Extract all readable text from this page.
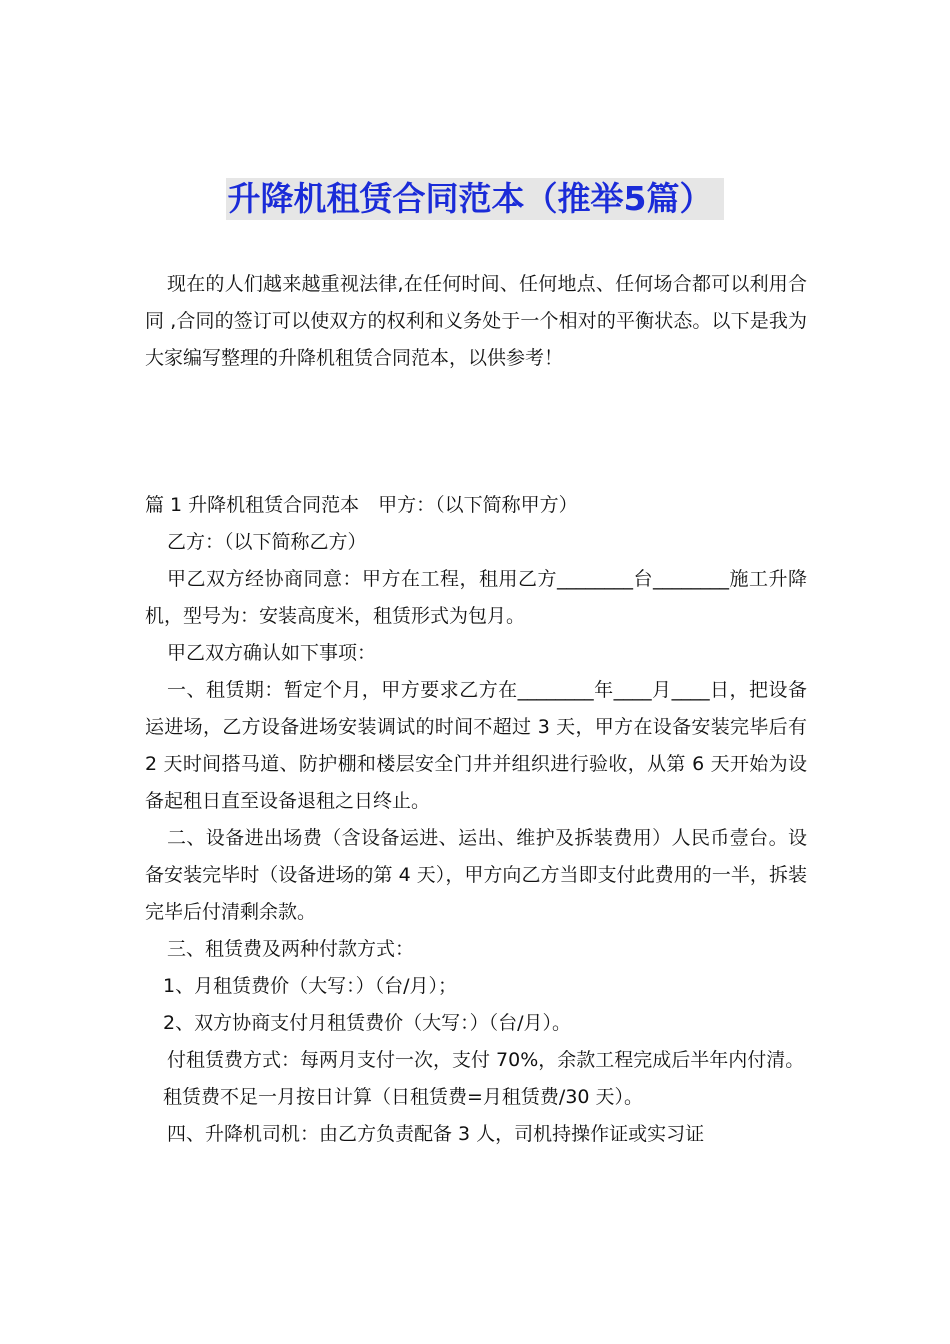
升降机租赁合同范本（推举5篇）

现在的人们越来越重视法律,在任何时间、任何地点、任何场合都可以利用合同 ,合同的签订可以使双方的权利和义务处于一个相对的平衡状态。以下是我为大家编写整理的升降机租赁合同范本，以供参考！

篇 1 升降机租赁合同范本　甲方：（以下简称甲方）

乙方：（以下简称乙方）

甲乙双方经协商同意：甲方在工程，租用乙方________台________施工升降机，型号为：安装高度米，租赁形式为包月。

甲乙双方确认如下事项：

一、租赁期：暂定个月，甲方要求乙方在________年____月____日，把设备运进场，乙方设备进场安装调试的时间不超过 3 天，甲方在设备安装完毕后有 2 天时间搭马道、防护棚和楼层安全门井并组织进行验收，从第 6 天开始为设备起租日直至设备退租之日终止。

二、设备进出场费（含设备运进、运出、维护及拆装费用）人民币壹台。设备安装完毕时（设备进场的第 4 天），甲方向乙方当即支付此费用的一半，拆装完毕后付清剩余款。

三、租赁费及两种付款方式：

1、月租赁费价（大写：）（台/月）；

2、双方协商支付月租赁费价（大写：）（台/月）。

付租赁费方式：每两月支付一次，支付 70%，余款工程完成后半年内付清。

租赁费不足一月按日计算（日租赁费=月租赁费/30 天）。

四、升降机司机：由乙方负责配备 3 人，司机持操作证或实习证
